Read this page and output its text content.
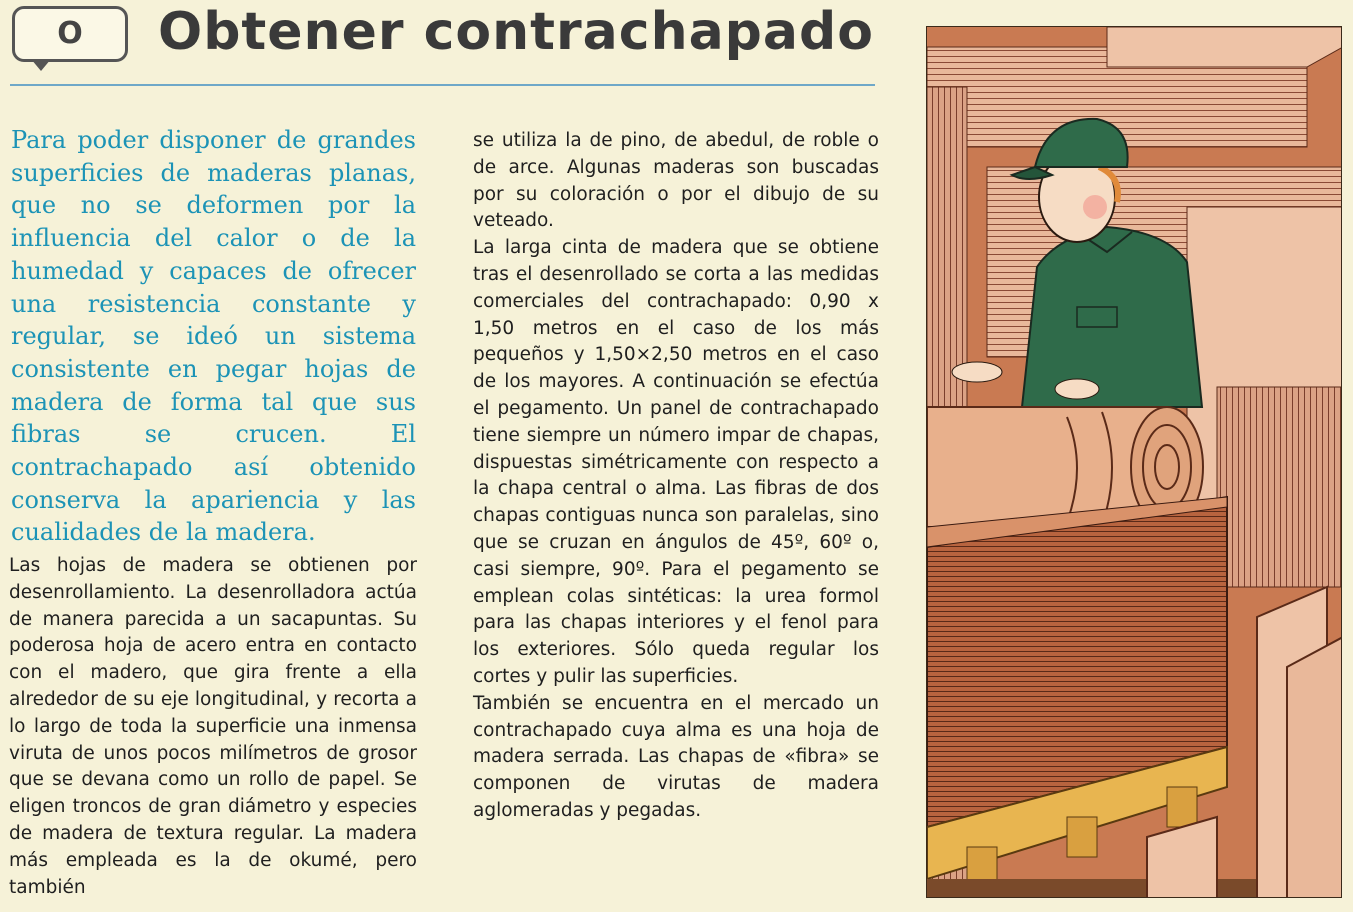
O	Obtener contrachapado

Para poder disponer de grandes superficies de maderas planas, que no se deformen por la influencia del calor o de la humedad y capaces de ofrecer una resistencia constante y regular, se ideó un sistema consistente en pegar hojas de madera de forma tal que sus fibras se crucen. El contrachapado así obtenido conserva la apariencia y las cualidades de la madera.

Las hojas de madera se obtienen por desenrollamiento. La desenrolladora actúa de manera parecida a un sacapuntas. Su poderosa hoja de acero entra en contacto con el madero, que gira frente a ella alrededor de su eje longitudinal, y recorta a lo largo de toda la superficie una inmensa viruta de unos pocos milímetros de grosor que se devana como un rollo de papel. Se eligen troncos de gran diámetro y especies de madera de textura regular. La madera más empleada es la de okumé, pero también

se utiliza la de pino, de abedul, de roble o de arce. Algunas maderas son buscadas por su coloración o por el dibujo de su veteado.

La larga cinta de madera que se obtiene tras el desenrollado se corta a las medidas comerciales del contrachapado: 0,90 x 1,50 metros en el caso de los más pequeños y 1,50×2,50 metros en el caso de los mayores. A continuación se efectúa el pegamento. Un panel de contrachapado tiene siempre un número impar de chapas, dispuestas simétricamente con respecto a la chapa central o alma. Las fibras de dos chapas contiguas nunca son paralelas, sino que se cruzan en ángulos de 45º, 60º o, casi siempre, 90º. Para el pegamento se emplean colas sintéticas: la urea formol para las chapas interiores y el fenol para los exteriores. Sólo queda regular los cortes y pulir las superficies.

También se encuentra en el mercado un contrachapado cuya alma es una hoja de madera serrada. Las chapas de «fibra» se componen de virutas de madera aglomeradas y pegadas.
